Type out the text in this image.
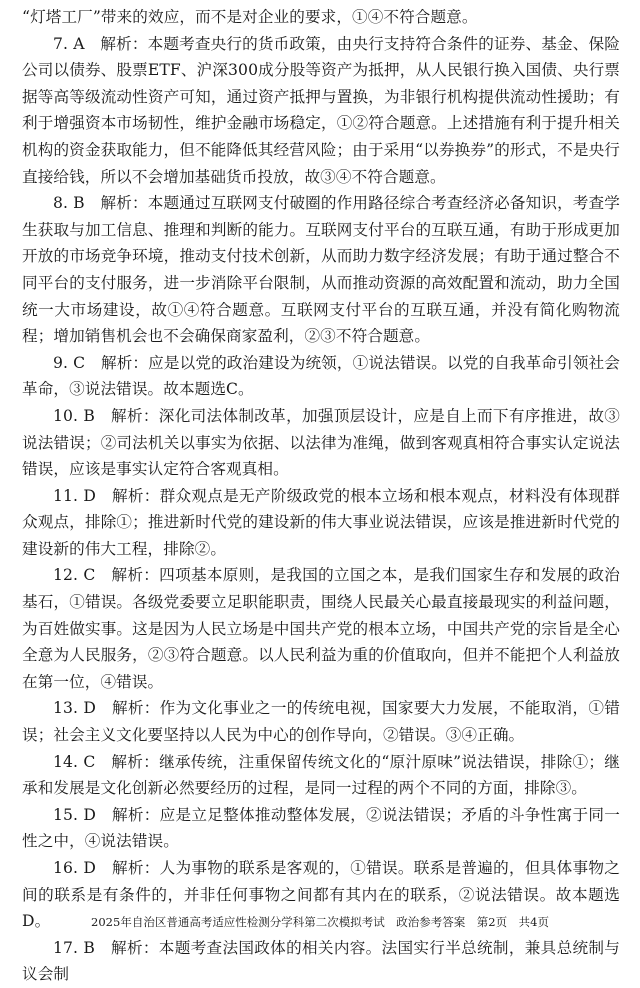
“灯塔工厂”带来的效应，而不是对企业的要求，①④不符合题意。

7. A　解析：本题考查央行的货币政策，由央行支持符合条件的证券、基金、保险公司以债券、股票ETF、沪深300成分股等资产为抵押，从人民银行换入国债、央行票据等高等级流动性资产可知，通过资产抵押与置换，为非银行机构提供流动性援助；有利于增强资本市场韧性，维护金融市场稳定，①②符合题意。上述措施有利于提升相关机构的资金获取能力，但不能降低其经营风险；由于采用“以券换券”的形式，不是央行直接给钱，所以不会增加基础货币投放，故③④不符合题意。

8. B　解析：本题通过互联网支付破圈的作用路径综合考查经济必备知识，考查学生获取与加工信息、推理和判断的能力。互联网支付平台的互联互通，有助于形成更加开放的市场竞争环境，推动支付技术创新，从而助力数字经济发展；有助于通过整合不同平台的支付服务，进一步消除平台限制，从而推动资源的高效配置和流动，助力全国统一大市场建设，故①④符合题意。互联网支付平台的互联互通，并没有简化购物流程；增加销售机会也不会确保商家盈利，②③不符合题意。

9. C　解析：应是以党的政治建设为统领，①说法错误。以党的自我革命引领社会革命，③说法错误。故本题选C。

10. B　解析：深化司法体制改革，加强顶层设计，应是自上而下有序推进，故③说法错误；②司法机关以事实为依据、以法律为准绳，做到客观真相符合事实认定说法错误，应该是事实认定符合客观真相。

11. D　解析：群众观点是无产阶级政党的根本立场和根本观点，材料没有体现群众观点，排除①；推进新时代党的建设新的伟大事业说法错误，应该是推进新时代党的建设新的伟大工程，排除②。

12. C　解析：四项基本原则，是我国的立国之本，是我们国家生存和发展的政治基石，①错误。各级党委要立足职能职责，围绕人民最关心最直接最现实的利益问题，为百姓做实事。这是因为人民立场是中国共产党的根本立场，中国共产党的宗旨是全心全意为人民服务，②③符合题意。以人民利益为重的价值取向，但并不能把个人利益放在第一位，④错误。

13. D　解析：作为文化事业之一的传统电视，国家要大力发展，不能取消，①错误；社会主义文化要坚持以人民为中心的创作导向，②错误。③④正确。

14. C　解析：继承传统，注重保留传统文化的“原汁原味”说法错误，排除①；继承和发展是文化创新必然要经历的过程，是同一过程的两个不同的方面，排除③。

15. D　解析：应是立足整体推动整体发展，②说法错误；矛盾的斗争性寓于同一性之中，④说法错误。

16. D　解析：人为事物的联系是客观的，①错误。联系是普遍的，但具体事物之间的联系是有条件的，并非任何事物之间都有其内在的联系，②说法错误。故本题选D。

17. B　解析：本题考查法国政体的相关内容。法国实行半总统制，兼具总统制与议会制

2025年自治区普通高考适应性检测分学科第二次模拟考试　政治参考答案　第2页　共4页
